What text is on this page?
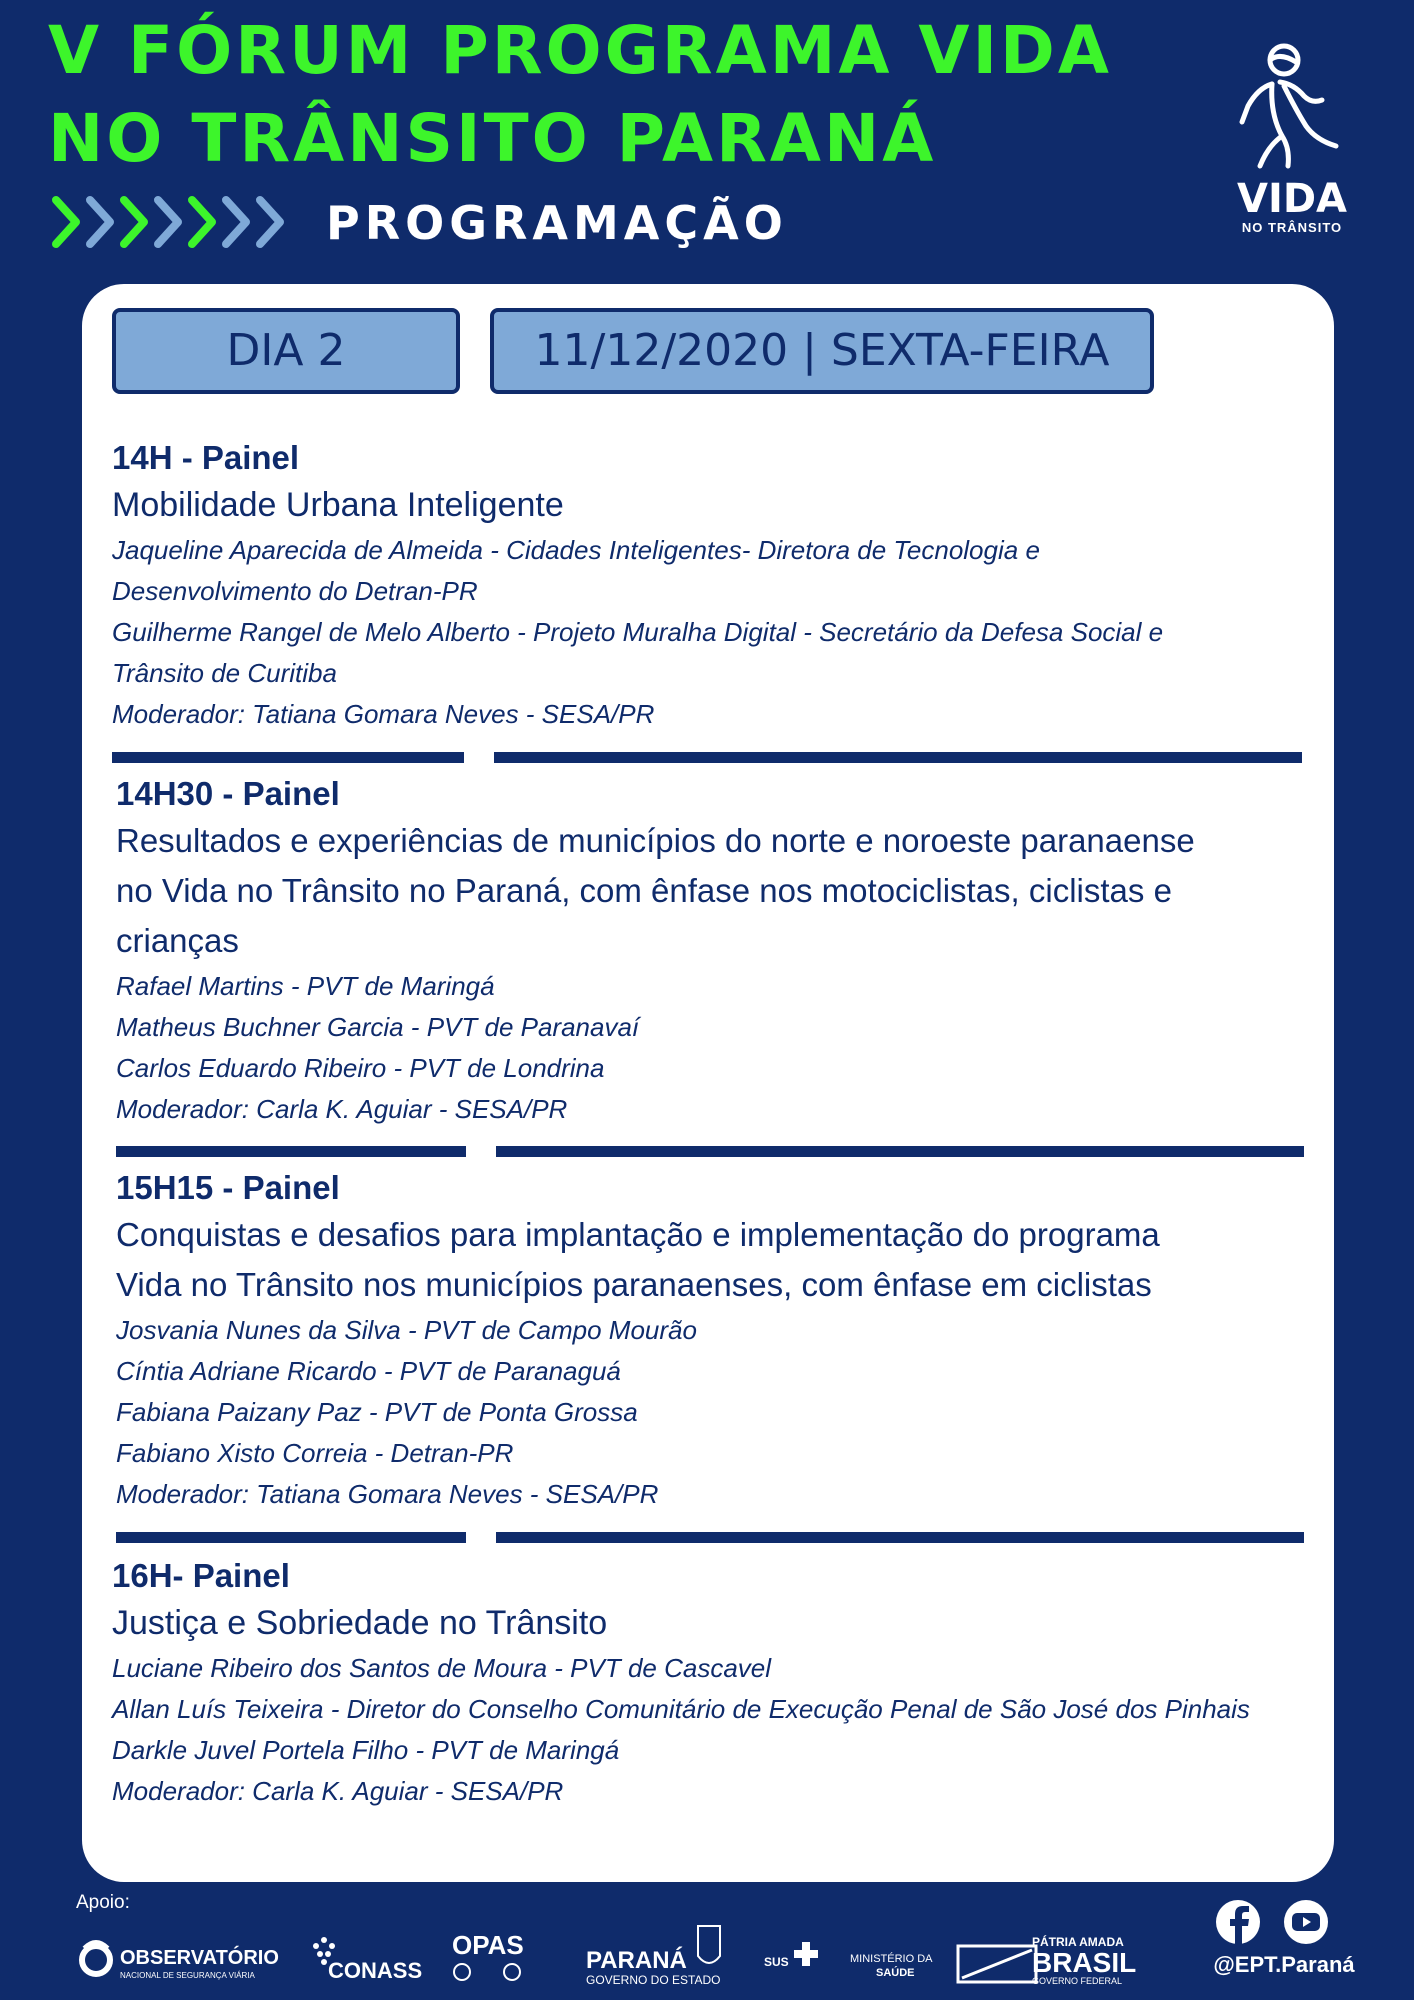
V FÓRUM PROGRAMA VIDA
NO TRÂNSITO PARANÁ
PROGRAMAÇÃO	VIDA
NO TRÂNSITO
DIA 2	11/12/2020 | SEXTA-FEIRA
14H - Painel
Mobilidade Urbana Inteligente
Jaqueline Aparecida de Almeida - Cidades Inteligentes- Diretora de Tecnologia e
Desenvolvimento do Detran-PR
Guilherme Rangel de Melo Alberto - Projeto Muralha Digital - Secretário da Defesa Social e
Trânsito de Curitiba
Moderador: Tatiana Gomara Neves - SESA/PR
14H30 - Painel
Resultados e experiências de municípios do norte e noroeste paranaense
no Vida no Trânsito no Paraná, com ênfase nos motociclistas, ciclistas e
crianças
Rafael Martins - PVT de Maringá
Matheus Buchner Garcia - PVT de Paranavaí
Carlos Eduardo Ribeiro - PVT de Londrina
Moderador: Carla K. Aguiar - SESA/PR
15H15 - Painel
Conquistas e desafios para implantação e implementação do programa
Vida no Trânsito nos municípios paranaenses, com ênfase em ciclistas
Josvania Nunes da Silva - PVT de Campo Mourão
Cíntia Adriane Ricardo - PVT de Paranaguá
Fabiana Paizany Paz - PVT de Ponta Grossa
Fabiano Xisto Correia - Detran-PR
Moderador: Tatiana Gomara Neves - SESA/PR
16H- Painel
Justiça e Sobriedade no Trânsito
Luciane Ribeiro dos Santos de Moura - PVT de Cascavel
Allan Luís Teixeira - Diretor do Conselho Comunitário de Execução Penal de São José dos Pinhais
Darkle Juvel Portela Filho - PVT de Maringá
Moderador: Carla K. Aguiar - SESA/PR
Apoio:
OBSERVATÓRIO
NACIONAL DE SEGURANÇA VIÁRIA	CONASS
OPAS
PARANÁ
GOVERNO DO ESTADO
SUS	MINISTÉRIO DA
SAÚDE
PÁTRIA AMADA
BRASIL
GOVERNO FEDERAL
@EPT.Paraná
